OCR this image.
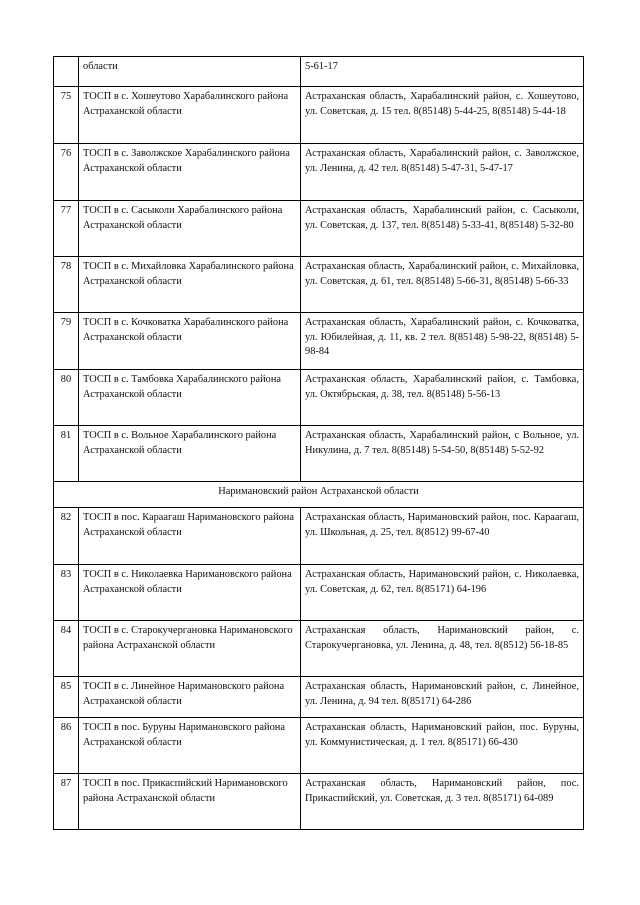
	области	5-61-17
75	ТОСП в с. Хошеутово Харабалинского района Астраханской области	Астраханская область, Харабалинский район, с. Хошеутово, ул. Советская, д. 15 тел. 8(85148) 5-44-25, 8(85148) 5-44-18
76	ТОСП в с. Заволжское Харабалинского района Астраханской области	Астраханская область, Харабалинский район, с. Заволжское, ул. Ленина, д. 42 тел. 8(85148) 5-47-31, 5-47-17
77	ТОСП в с. Сасыколи Харабалинского района Астраханской области	Астраханская область, Харабалинский район, с. Сасыколи, ул. Советская, д. 137, тел. 8(85148) 5-33-41, 8(85148) 5-32-80
78	ТОСП в с. Михайловка Харабалинского района Астраханской области	Астраханская область, Харабалинский район, с. Михайловка, ул. Советская, д. 61, тел. 8(85148) 5-66-31, 8(85148) 5-66-33
79	ТОСП в с. Кочковатка Харабалинского района Астраханской области	Астраханская область, Харабалинский район, с. Кочковатка, ул. Юбилейная, д. 11, кв. 2 тел. 8(85148) 5-98-22, 8(85148) 5-98-84
80	ТОСП в с. Тамбовка Харабалинского района Астраханской области	Астраханская область, Харабалинский район, с. Тамбовка, ул. Октябрьская, д. 38, тел. 8(85148) 5-56-13
81	ТОСП в с. Вольное Харабалинского района Астраханской области	Астраханская область, Харабалинский район, с Вольное, ул. Никулина, д. 7 тел. 8(85148) 5-54-50, 8(85148) 5-52-92
Наримановский район Астраханской области		
82	ТОСП в пос. Караагаш Наримановского района Астраханской области	Астраханская область, Наримановский район, пос. Караагаш, ул. Школьная, д. 25, тел. 8(8512) 99-67-40
83	ТОСП в с. Николаевка Наримановского района Астраханской области	Астраханская область, Наримановский район, с. Николаевка, ул. Советская, д. 62, тел. 8(85171) 64-196
84	ТОСП в с. Старокучергановка Наримановского района Астраханской области	Астраханская область, Наримановский район, с. Старокучергановка, ул. Ленина, д. 48, тел. 8(8512) 56-18-85
85	ТОСП в с. Линейное Наримановского района Астраханской области	Астраханская область, Наримановский район, с. Линейное, ул. Ленина, д. 94 тел. 8(85171) 64-286
86	ТОСП в пос. Буруны Наримановского района Астраханской области	Астраханская область, Наримановский район, пос. Буруны, ул. Коммунистическая, д. 1 тел. 8(85171) 66-430
87	ТОСП в пос. Прикаспийский Наримановского района Астраханской области	Астраханская область, Наримановский район, пос. Прикаспийский, ул. Советская, д. 3 тел. 8(85171) 64-089
